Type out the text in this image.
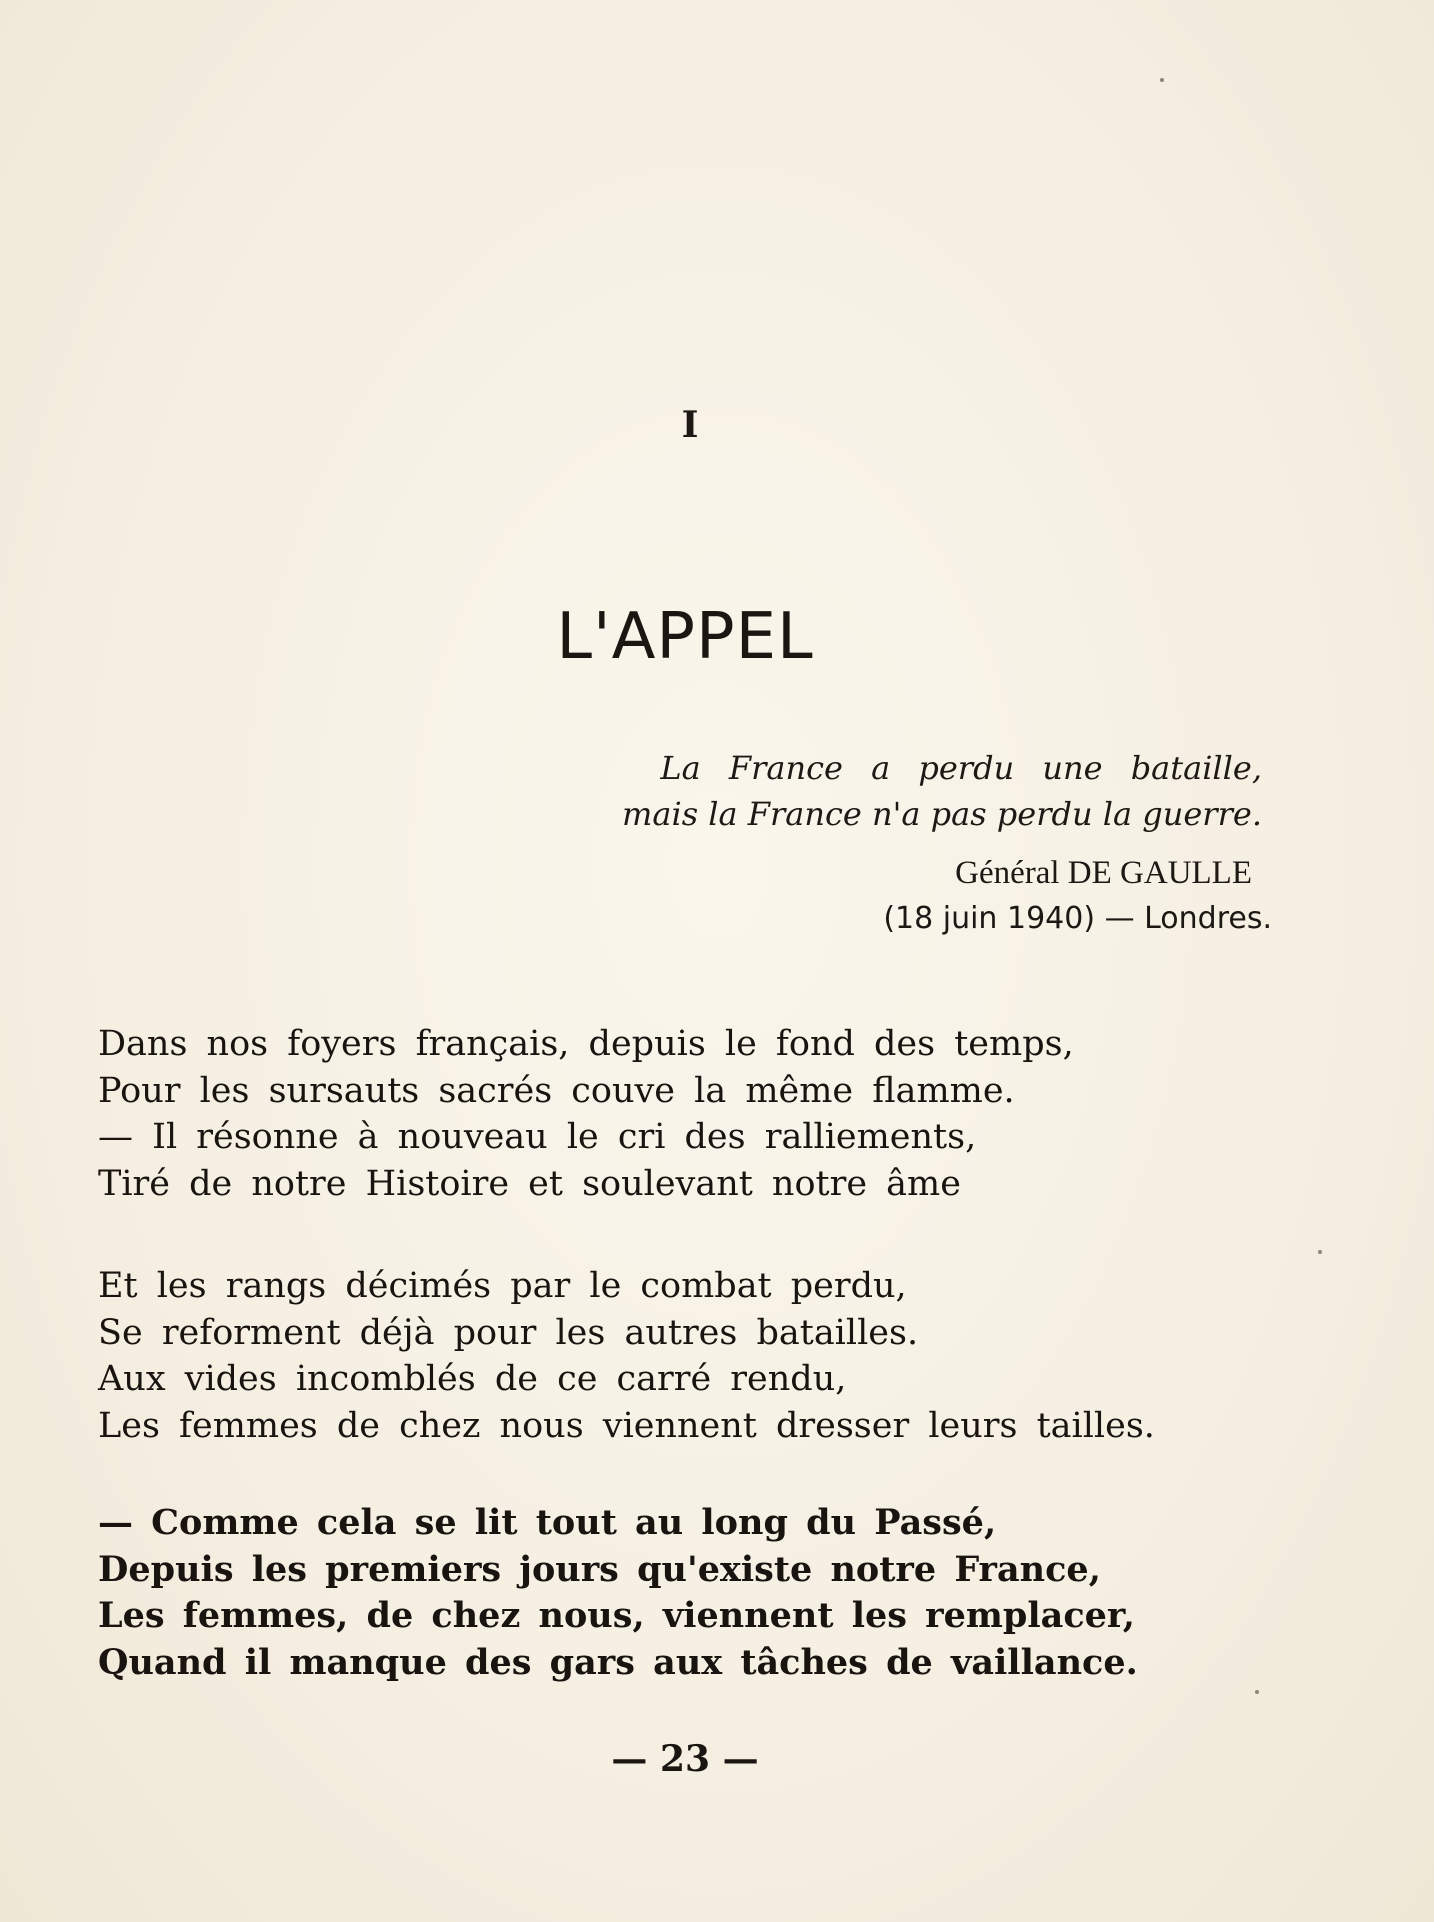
I
L'APPEL
La France a perdu une bataille,
mais la France n'a pas perdu la guerre.
Général DE GAULLE
(18 juin 1940) — Londres.
Dans nos foyers français, depuis le fond des temps,
Pour les sursauts sacrés couve la même flamme.
— Il résonne à nouveau le cri des ralliements,
Tiré de notre Histoire et soulevant notre âme
Et les rangs décimés par le combat perdu,
Se reforment déjà pour les autres batailles.
Aux vides incomblés de ce carré rendu,
Les femmes de chez nous viennent dresser leurs tailles.
— Comme cela se lit tout au long du Passé,
Depuis les premiers jours qu'existe notre France,
Les femmes, de chez nous, viennent les remplacer,
Quand il manque des gars aux tâches de vaillance.
— 23 —
